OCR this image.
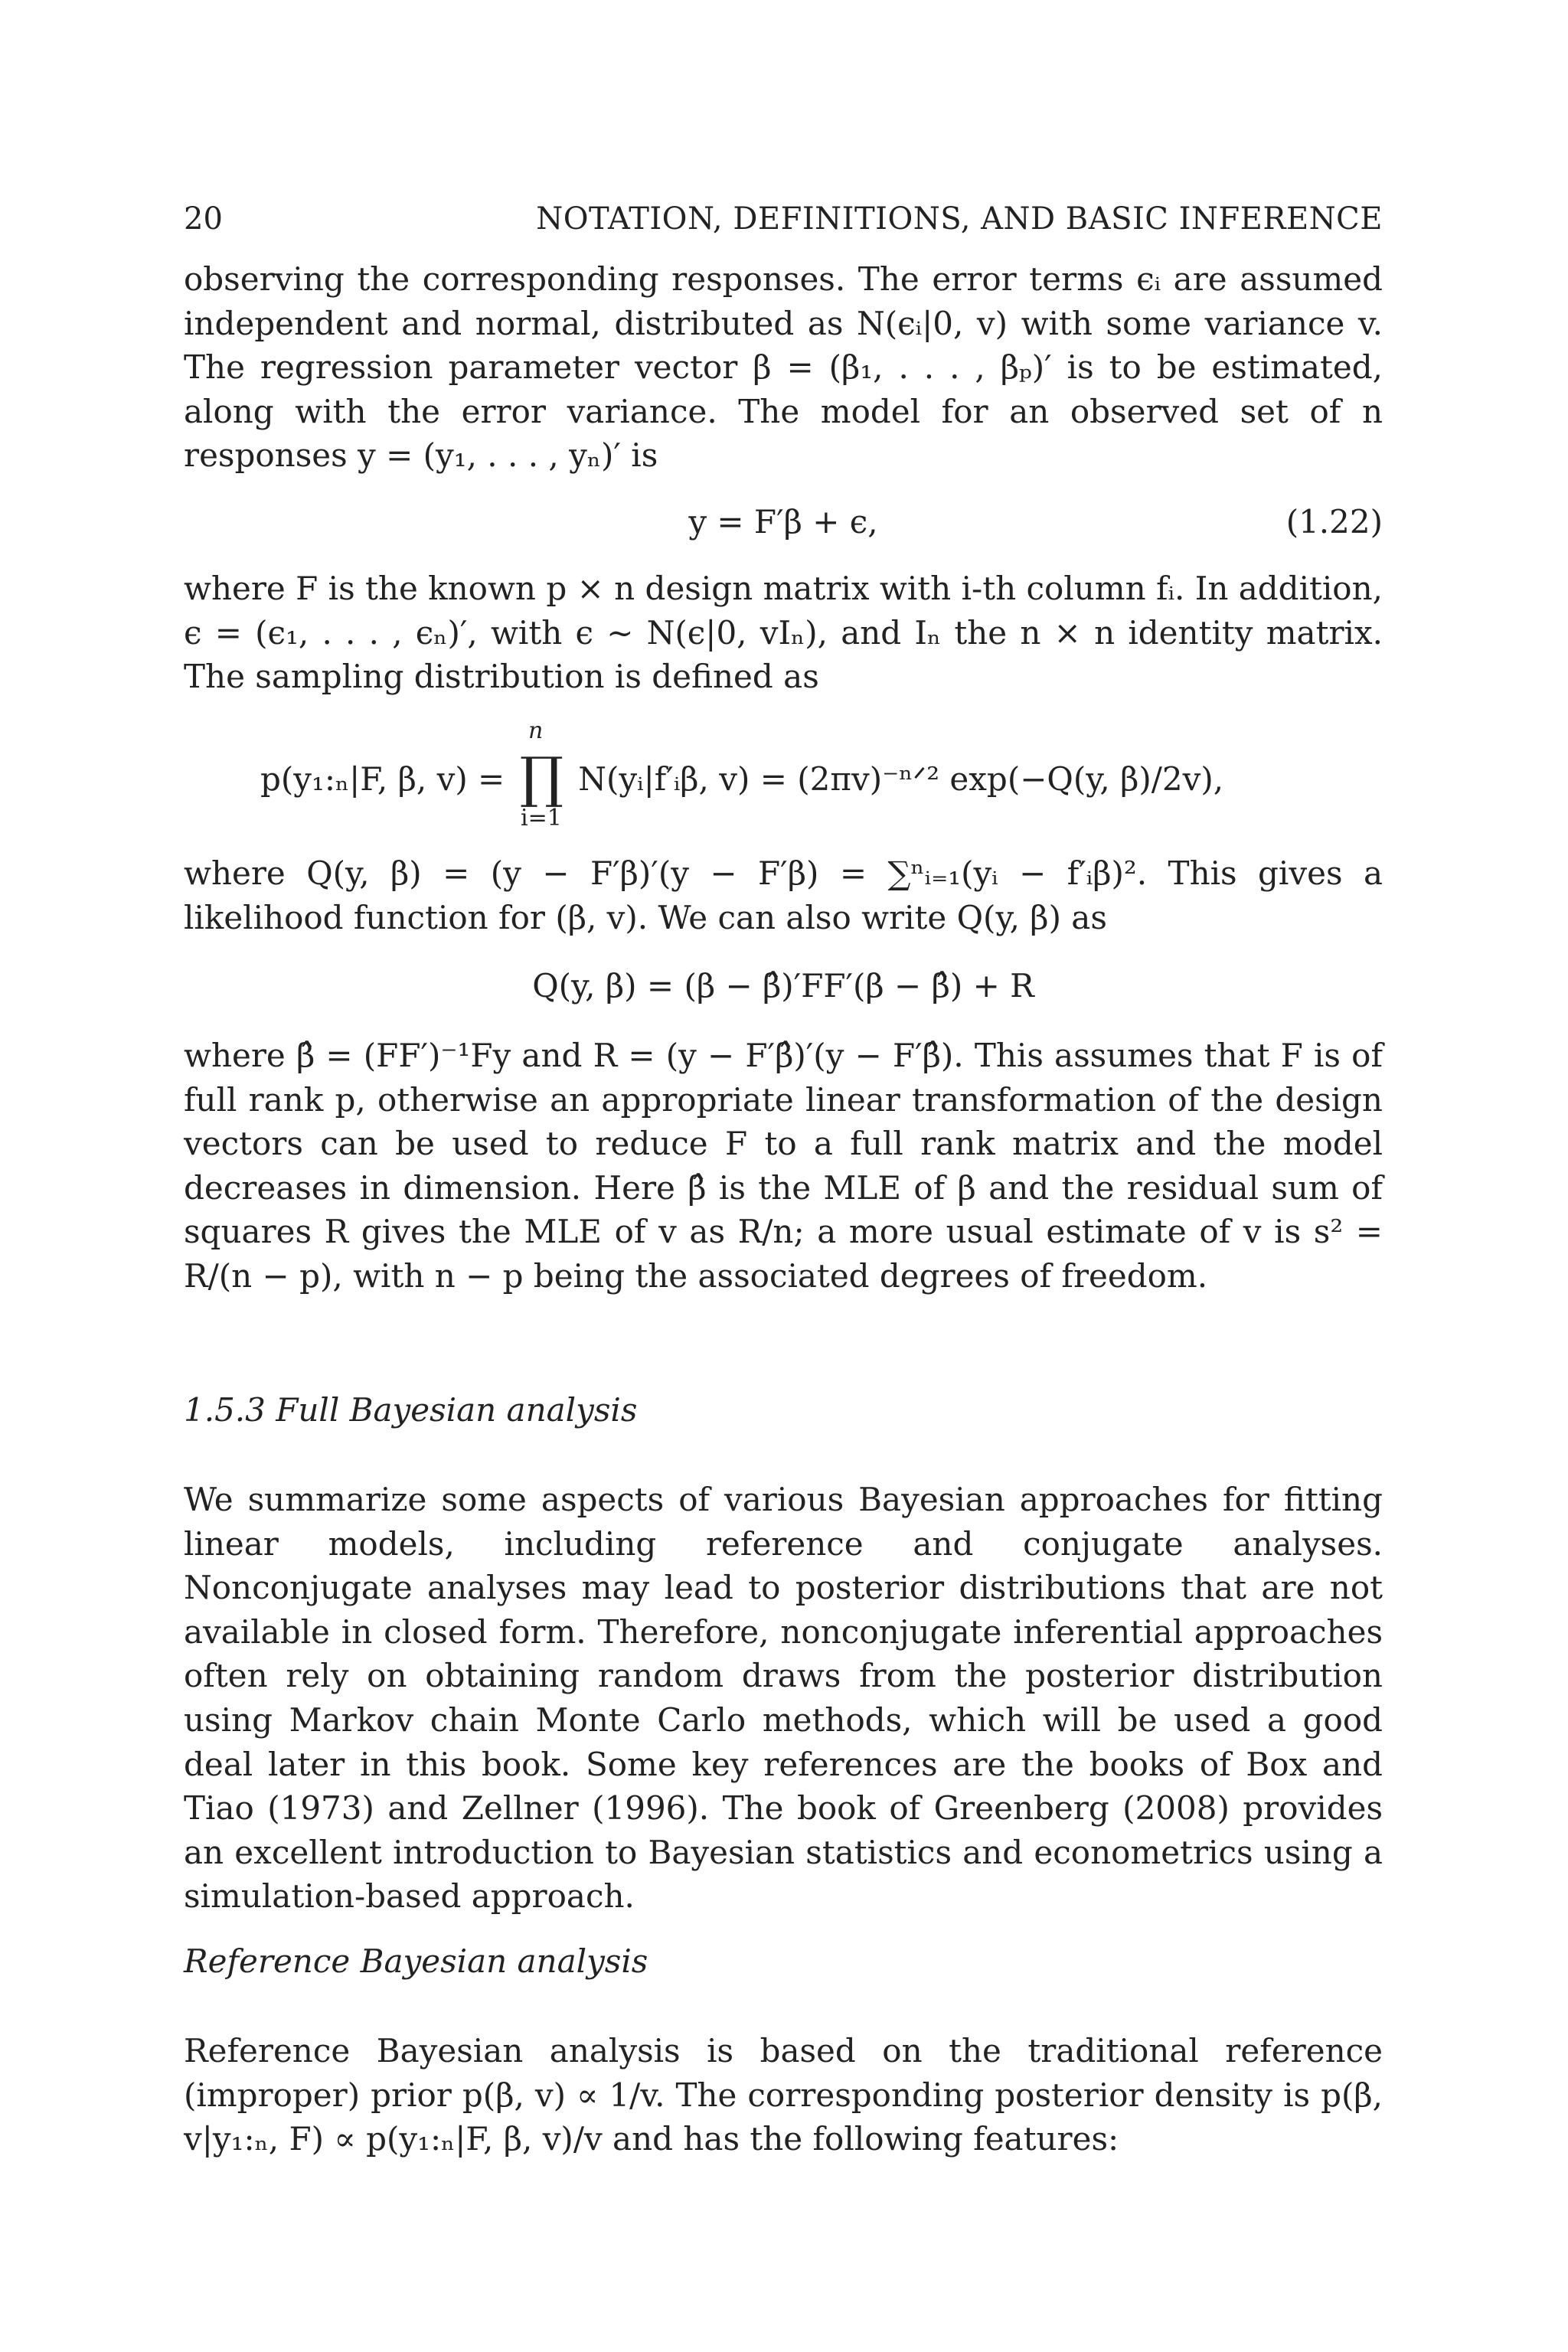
20	NOTATION, DEFINITIONS, AND BASIC INFERENCE
observing the corresponding responses. The error terms ϵᵢ are assumed independent and normal, distributed as N(ϵᵢ|0, v) with some variance v. The regression parameter vector β = (β₁, . . . , βₚ)′ is to be estimated, along with the error variance. The model for an observed set of n responses y = (y₁, . . . , yₙ)′ is
y = F′β + ϵ,	(1.22)
where F is the known p × n design matrix with i-th column fᵢ. In addition, ϵ = (ϵ₁, . . . , ϵₙ)′, with ϵ ∼ N(ϵ|0, vIₙ), and Iₙ the n × n identity matrix. The sampling distribution is defined as
n
p(y₁:ₙ|F, β, v) = ∏ N(yᵢ|f′ᵢβ, v) = (2πv)⁻ⁿᐟ² exp(−Q(y, β)/2v),
i=1
where Q(y, β) = (y − F′β)′(y − F′β) = ∑ⁿᵢ₌₁(yᵢ − f′ᵢβ)². This gives a likelihood function for (β, v). We can also write Q(y, β) as
Q(y, β) = (β − β̂)′FF′(β − β̂) + R
where β̂ = (FF′)⁻¹Fy and R = (y − F′β̂)′(y − F′β̂). This assumes that F is of full rank p, otherwise an appropriate linear transformation of the design vectors can be used to reduce F to a full rank matrix and the model decreases in dimension. Here β̂ is the MLE of β and the residual sum of squares R gives the MLE of v as R/n; a more usual estimate of v is s² = R/(n − p), with n − p being the associated degrees of freedom.
1.5.3 Full Bayesian analysis
We summarize some aspects of various Bayesian approaches for fitting linear models, including reference and conjugate analyses. Nonconjugate analyses may lead to posterior distributions that are not available in closed form. Therefore, nonconjugate inferential approaches often rely on obtaining random draws from the posterior distribution using Markov chain Monte Carlo methods, which will be used a good deal later in this book. Some key references are the books of Box and Tiao (1973) and Zellner (1996). The book of Greenberg (2008) provides an excellent introduction to Bayesian statistics and econometrics using a simulation-based approach.
Reference Bayesian analysis
Reference Bayesian analysis is based on the traditional reference (improper) prior p(β, v) ∝ 1/v. The corresponding posterior density is p(β, v|y₁:ₙ, F) ∝ p(y₁:ₙ|F, β, v)/v and has the following features:
